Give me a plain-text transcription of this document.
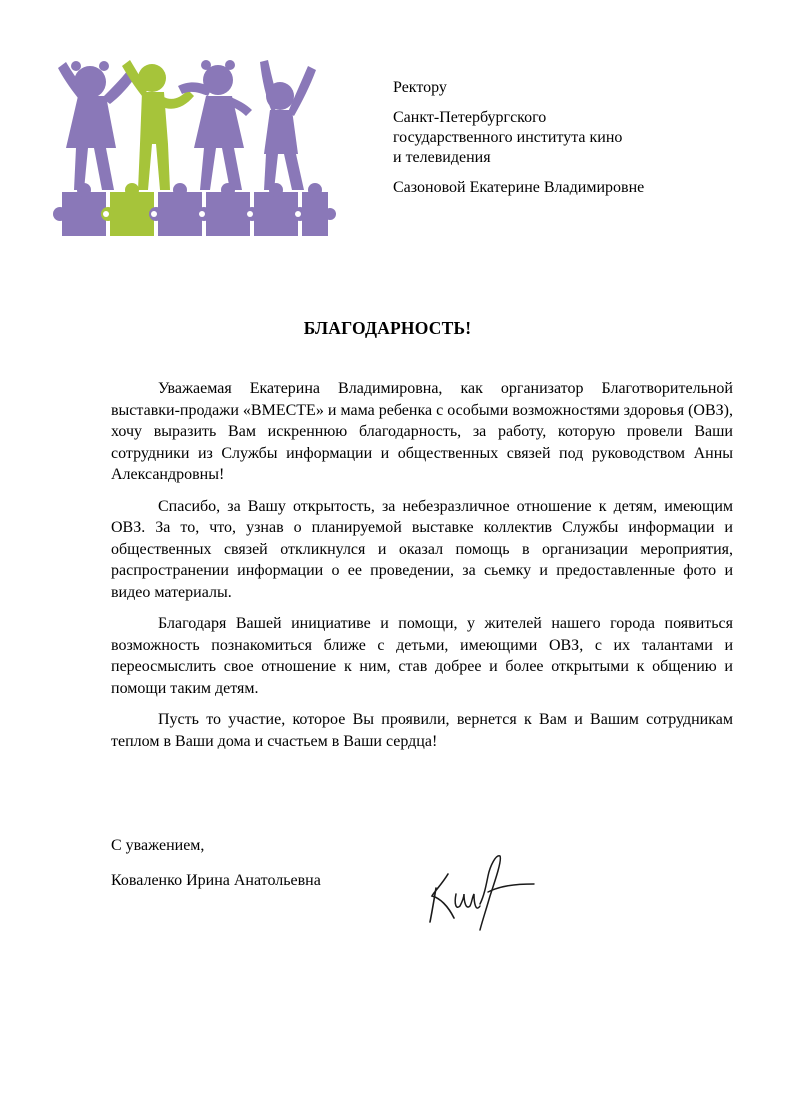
Ректору
Санкт-Петербургского
государственного института кино
и телевидения
Сазоновой Екатерине Владимировне
БЛАГОДАРНОСТЬ!

Уважаемая Екатерина Владимировна, как организатор Благотворительной выставки-продажи «ВМЕСТЕ» и мама ребенка с особыми возможностями здоровья (ОВЗ), хочу выразить Вам искреннюю благодарность, за работу, которую провели Ваши сотрудники из Службы информации и общественных связей под руководством Анны Александровны!

Спасибо, за Вашу открытость, за небезразличное отношение к детям, имеющим ОВЗ. За то, что, узнав о планируемой выставке коллектив Службы информации и общественных связей откликнулся и оказал помощь в организации мероприятия, распространении информации о ее проведении, за сьемку и предоставленные фото и видео материалы.

Благодаря Вашей инициативе и помощи, у жителей нашего города появиться возможность познакомиться ближе с детьми, имеющими ОВЗ, с их талантами и переосмыслить свое отношение к ним, став добрее и более открытыми к общению и помощи таким детям.

Пусть то участие, которое Вы проявили, вернется к Вам и Вашим сотрудникам теплом в Ваши дома и счастьем в Ваши сердца!

С уважением,
Коваленко Ирина Анатольевна
